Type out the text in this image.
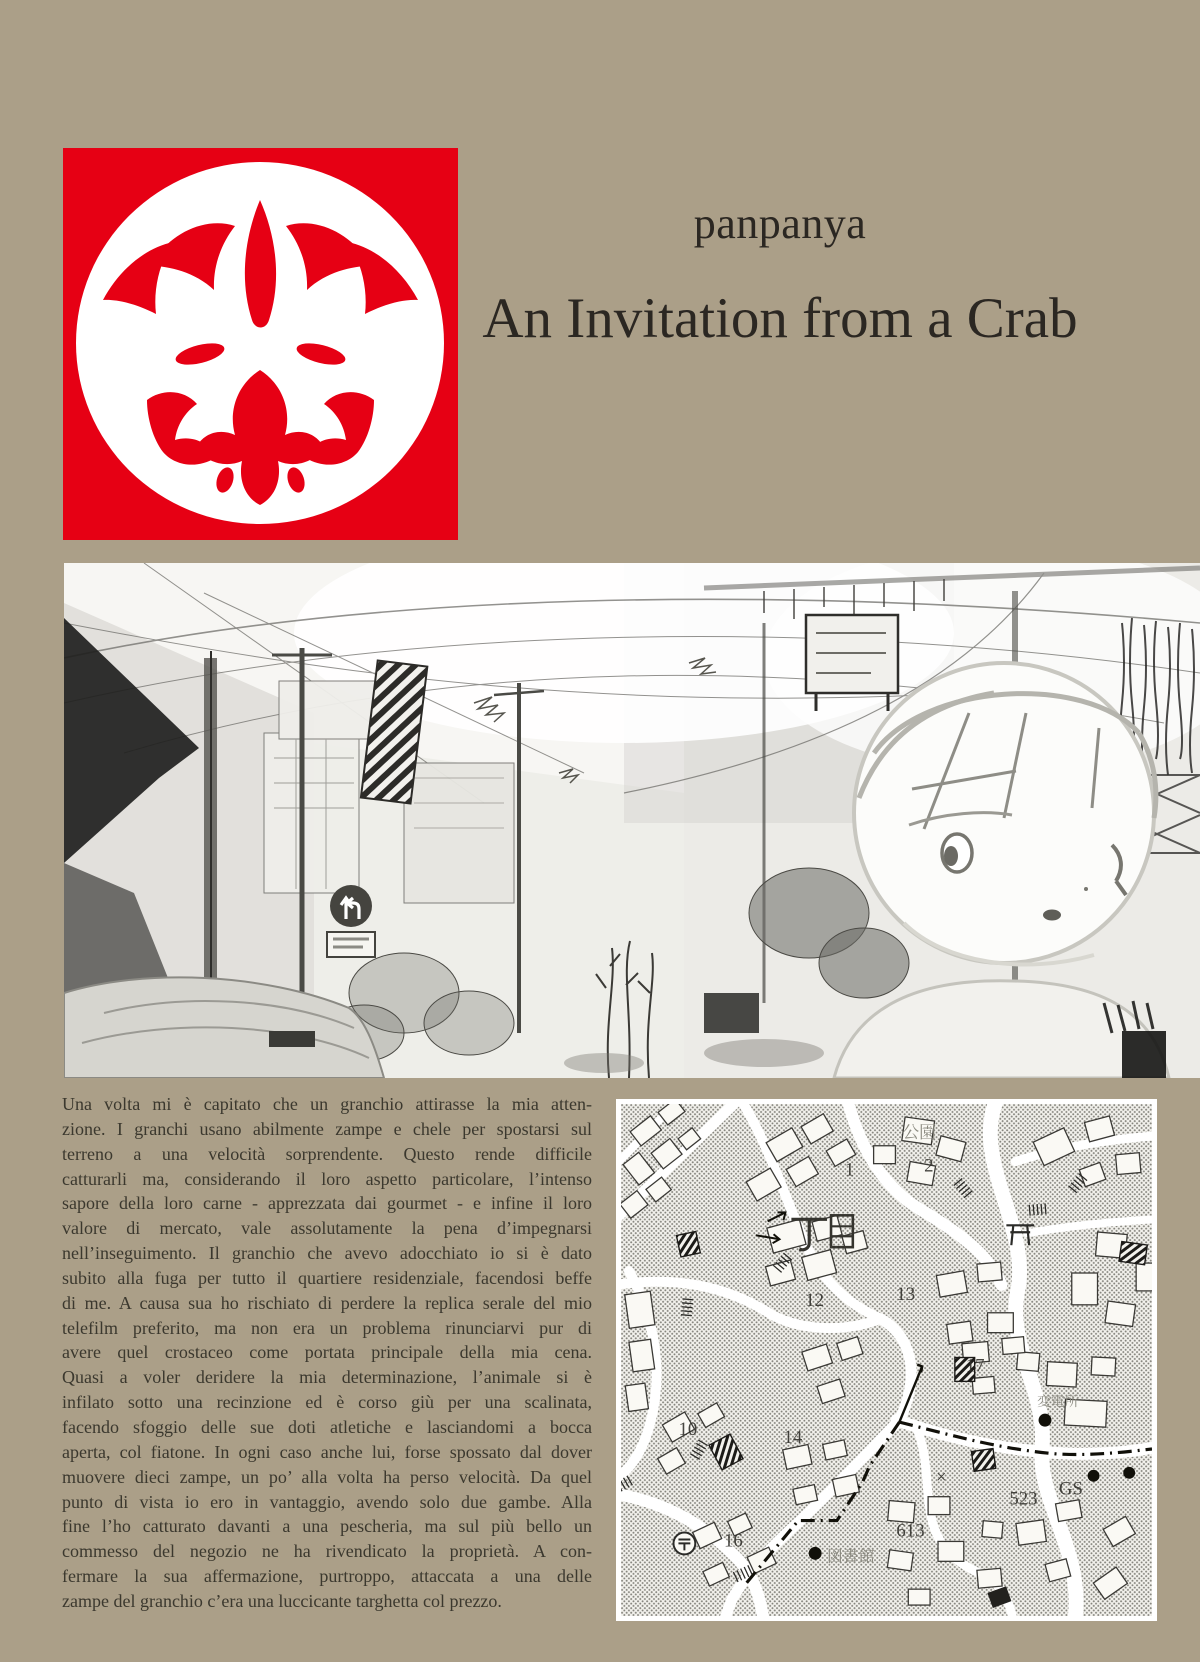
panpanya
An Invitation from a Crab
Una volta mi è capitato che un granchio attirasse la mia atten-
zione. I granchi usano abilmente zampe e chele per spostarsi sul
terreno a una velocità sorprendente. Questo rende difficile
catturarli ma, considerando il loro aspetto particolare, l’intenso
sapore della loro carne - apprezzata dai gourmet - e infine il loro
valore di mercato, vale assolutamente la pena d’impegnarsi
nell’inseguimento. Il granchio che avevo adocchiato io si è dato
subito alla fuga per tutto il quartiere residenziale, facendosi beffe
di me. A causa sua ho rischiato di perdere la replica serale del mio
telefilm preferito, ma non era un problema rinunciarvi pur di
avere quel crostaceo come portata principale della mia cena.
Quasi a voler deridere la mia determinazione, l’animale si è
infilato sotto una recinzione ed è corso giù per una scalinata,
facendo sfoggio delle sue doti atletiche e lasciandomi a bocca
aperta, col fiatone. In ogni caso anche lui, forse spossato dal dover
muovere dieci zampe, un po’ alla volta ha perso velocità. Da quel
punto di vista io ero in vantaggio, avendo solo due gambe. Alla
fine l’ho catturato davanti a una pescheria, ma sul più bello un
commesso del negozio ne ha rivendicato la proprietà. A con-
fermare la sua affermazione, purtroppo, attaccata a una delle
zampe del granchio c’era una luccicante targhetta col prezzo.
公園
2
1
12	13
17
10	14
16	613
523 GS
変電所
図書館
×
